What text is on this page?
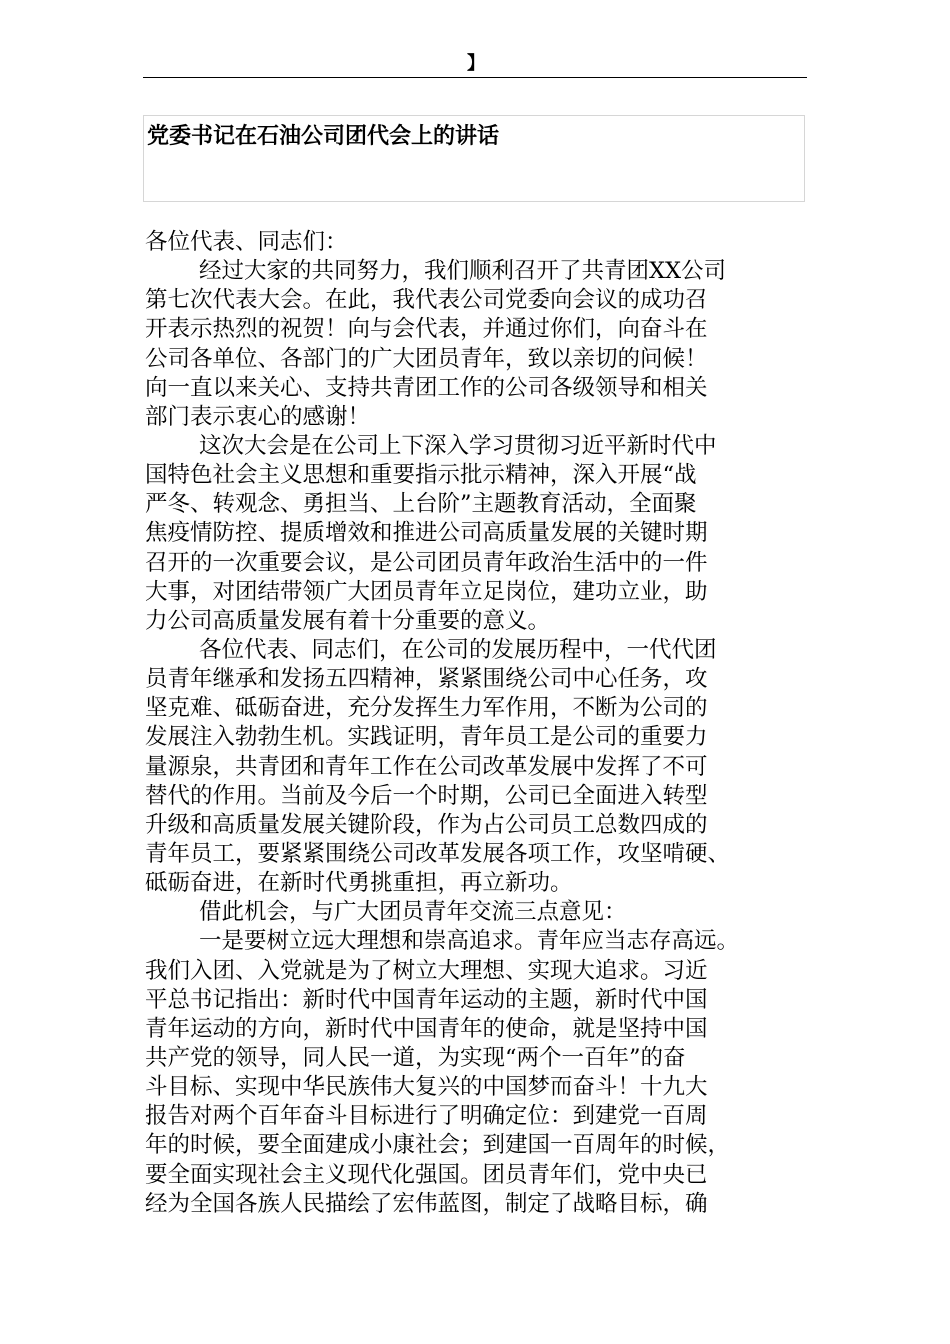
】
党委书记在石油公司团代会上的讲话
各位代表、同志们：
经过大家的共同努力，我们顺利召开了共青团XX公司
第七次代表大会。在此，我代表公司党委向会议的成功召
开表示热烈的祝贺！向与会代表，并通过你们，向奋斗在
公司各单位、各部门的广大团员青年，致以亲切的问候！
向一直以来关心、支持共青团工作的公司各级领导和相关
部门表示衷心的感谢！
这次大会是在公司上下深入学习贯彻习近平新时代中
国特色社会主义思想和重要指示批示精神，深入开展“战
严冬、转观念、勇担当、上台阶”主题教育活动，全面聚
焦疫情防控、提质增效和推进公司高质量发展的关键时期
召开的一次重要会议，是公司团员青年政治生活中的一件
大事，对团结带领广大团员青年立足岗位，建功立业，助
力公司高质量发展有着十分重要的意义。
各位代表、同志们，在公司的发展历程中，一代代团
员青年继承和发扬五四精神，紧紧围绕公司中心任务，攻
坚克难、砥砺奋进，充分发挥生力军作用，不断为公司的
发展注入勃勃生机。实践证明，青年员工是公司的重要力
量源泉，共青团和青年工作在公司改革发展中发挥了不可
替代的作用。当前及今后一个时期，公司已全面进入转型
升级和高质量发展关键阶段，作为占公司员工总数四成的
青年员工，要紧紧围绕公司改革发展各项工作，攻坚啃硬、
砥砺奋进，在新时代勇挑重担，再立新功。
借此机会，与广大团员青年交流三点意见：
一是要树立远大理想和崇高追求。青年应当志存高远。
我们入团、入党就是为了树立大理想、实现大追求。习近
平总书记指出：新时代中国青年运动的主题，新时代中国
青年运动的方向，新时代中国青年的使命，就是坚持中国
共产党的领导，同人民一道，为实现“两个一百年”的奋
斗目标、实现中华民族伟大复兴的中国梦而奋斗！十九大
报告对两个百年奋斗目标进行了明确定位：到建党一百周
年的时候，要全面建成小康社会；到建国一百周年的时候，
要全面实现社会主义现代化强国。团员青年们，党中央已
经为全国各族人民描绘了宏伟蓝图，制定了战略目标，确
